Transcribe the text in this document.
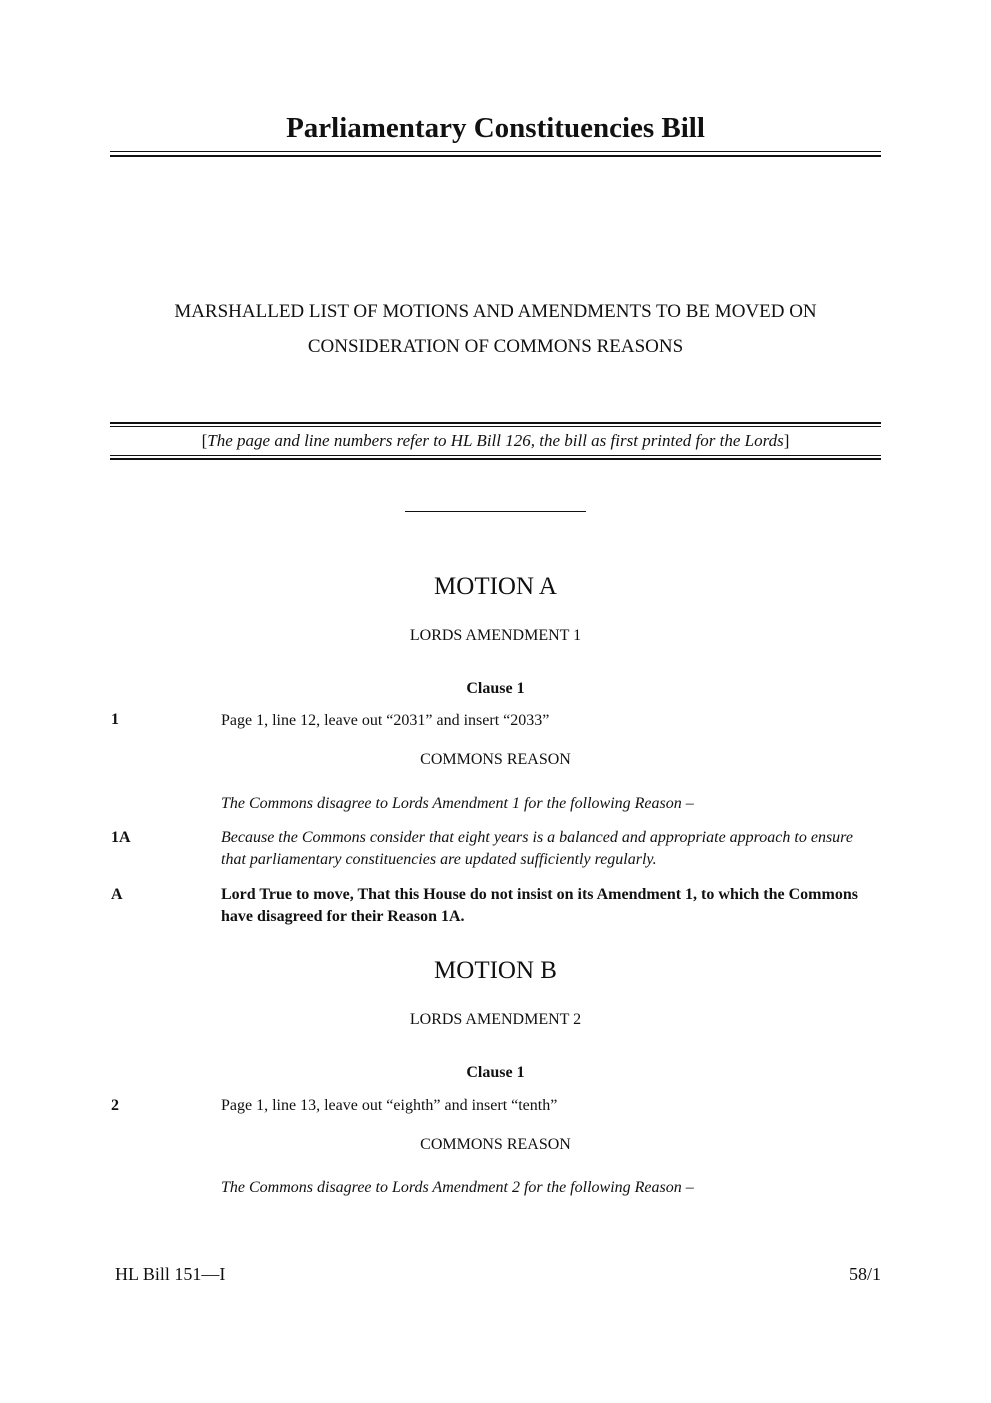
Parliamentary Constituencies Bill
MARSHALLED LIST OF MOTIONS AND AMENDMENTS TO BE MOVED ON
CONSIDERATION OF COMMONS REASONS
[The page and line numbers refer to HL Bill 126, the bill as first printed for the Lords]
MOTION A
LORDS AMENDMENT 1
Clause 1
1	Page 1, line 12, leave out “2031” and insert “2033”
COMMONS REASON
The Commons disagree to Lords Amendment 1 for the following Reason –
1A	Because the Commons consider that eight years is a balanced and appropriate approach to ensure that parliamentary constituencies are updated sufficiently regularly.
A	Lord True to move, That this House do not insist on its Amendment 1, to which the Commons have disagreed for their Reason 1A.
MOTION B
LORDS AMENDMENT 2
Clause 1
2	Page 1, line 13, leave out “eighth” and insert “tenth”
COMMONS REASON
The Commons disagree to Lords Amendment 2 for the following Reason –
HL Bill 151—I	58/1
